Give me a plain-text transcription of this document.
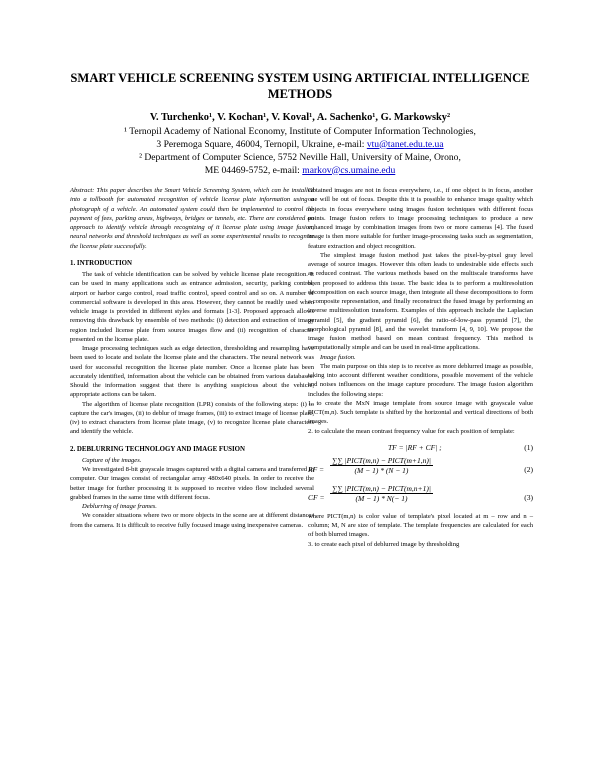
SMART VEHICLE SCREENING SYSTEM USING ARTIFICIAL INTELLIGENCE METHODS
V. Turchenko¹, V. Kochan¹, V. Koval¹, A. Sachenko¹, G. Markowsky²
¹ Ternopil Academy of National Economy, Institute of Computer Information Technologies,
3 Peremoga Square, 46004, Ternopil, Ukraine, e-mail: vtu@tanet.edu.te.ua
² Department of Computer Science, 5752 Neville Hall, University of Maine, Orono,
ME 04469-5752, e-mail: markov@cs.umaine.edu

Abstract: This paper describes the Smart Vehicle Screening System, which can be installed into a tollbooth for automated recognition of vehicle license plate information using a photograph of a vehicle. An automated system could then be implemented to control the payment of fees, parking areas, highways, bridges or tunnels, etc. There are considered an approach to identify vehicle through recognizing of it license plate using image fusion, neural networks and threshold techniques as well as some experimental results to recognize the license plate successfully.

1. INTRODUCTION

The task of vehicle identification can be solved by vehicle license plate recognition. It can be used in many applications such as entrance admission, security, parking control, airport or harbor cargo control, road traffic control, speed control and so on. A number of commercial software is developed in this area. However, they cannot be readily used when vehicle image is provided in different styles and formats [1-3]. Proposed approach allows removing this drawback by ensemble of two methods: (i) detection and extraction of image region included license plate from source images flow and (ii) recognition of character presented on the license plate.

Image processing techniques such as edge detection, thresholding and resampling have been used to locate and isolate the license plate and the characters. The neural network was used for successful recognition the license plate number. Once a license plate has been accurately identified, information about the vehicle can be obtained from various databases. Should the information suggest that there is anything suspicious about the vehicle, appropriate actions can be taken.

The algorithm of license plate recognition (LPR) consists of the following steps: (i) to capture the car's images, (ii) to deblur of image frames, (iii) to extract image of license plate, (iv) to extract characters from license plate image, (v) to recognize license plate characters and identify the vehicle.

2. DEBLURRING TECHNOLOGY AND IMAGE FUSION

Capture of the images.

We investigated 8-bit grayscale images captured with a digital camera and transferred to computer. Our images consist of rectangular array 480x640 pixels. In order to receive the better image for further processing it is supposed to receive video flow included several grabbed frames in the same time with different focus.

Deblurring of image frames.

We consider situations where two or more objects in the scene are at different distances from the camera. It is difficult to receive fully focused image using inexpensive cameras.

Obtained images are not in focus everywhere, i.e., if one object is in focus, another one will be out of focus. Despite this it is possible to enhance image quality which objects in focus everywhere using images fusion techniques with different focus points. Image fusion refers to image processing techniques to produce a new enhanced image by combination images from two or more cameras [4]. The fused image is then more suitable for further image-processing tasks such as segmentation, feature extraction and object recognition.

The simplest image fusion method just takes the pixel-by-pixel gray level average of source images. However this often leads to undesirable side effects such as reduced contrast. The various methods based on the multiscale transforms have been proposed to address this issue. The basic idea is to perform a multiresolution decomposition on each source image, then integrate all these decompositions to form a composite representation, and finally reconstruct the fused image by performing an inverse multiresolution transform. Examples of this approach include the Laplacian pyramid [5], the gradient pyramid [6], the ratio-of-low-pass pyramid [7], the morphological pyramid [8], and the wavelet transform [4, 9, 10]. We propose the image fusion method based on mean contrast frequency. This method is computationally simple and can be used in real-time applications.

Image fusion.

The main purpose on this step is to receive as more deblurred image as possible, taking into account different weather conditions, possible movement of the vehicle and noises influences on the image capture procedure. The image fusion algorithm includes the following steps:

1. to create the MxN image template from source image with grayscale value PICT(m,n). Such template is shifted by the horizontal and vertical directions of both images.

2. to calculate the mean contrast frequency value for each position of template:

TF = |RF + CF| ;	(1)
RF =
∑∑ |PICT(m,n) − PICT(m+1,n)|
(M − 1) * (N − 1)	(2)
CF =
∑∑ |PICT(m,n) − PICT(m,n+1)|
(M − 1) * N(− 1)	(3)

where PICT(m,n) is color value of template's pixel located at m – row and n – column; M, N are size of template. The template frequencies are calculated for each of both blurred images.

3. to create each pixel of deblurred image by thresholding
